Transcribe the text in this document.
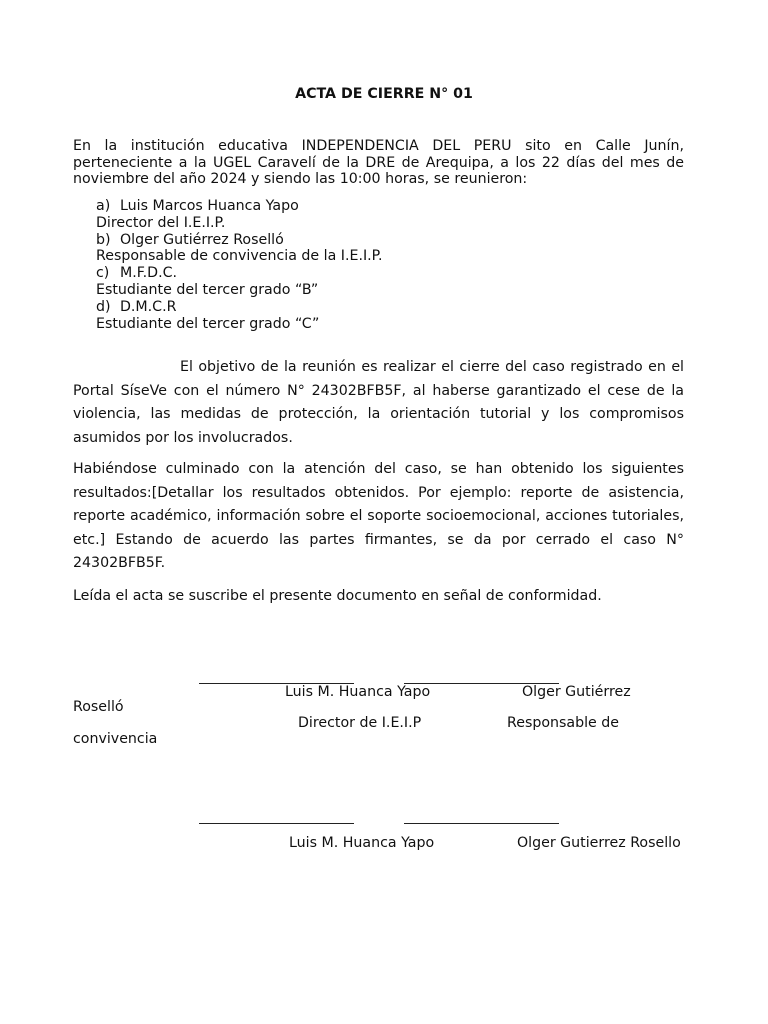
ACTA DE CIERRE N° 01
En la institución educativa INDEPENDENCIA DEL PERU sito en Calle Junín,
perteneciente a la UGEL Caravelí de la DRE de Arequipa, a los 22 días del mes de
noviembre del año 2024 y siendo las 10:00 horas, se reunieron:
a) Luis Marcos Huanca Yapo
Director del I.E.I.P.
b) Olger Gutiérrez Roselló
Responsable de convivencia de la I.E.I.P.
c) M.F.D.C.
Estudiante del tercer grado “B”
d) D.M.C.R
Estudiante del tercer grado “C”
El objetivo de la reunión es realizar el cierre del caso registrado en el
Portal SíseVe con el número N° 24302BFB5F, al haberse garantizado el cese de la
violencia, las medidas de protección, la orientación tutorial y los compromisos
asumidos por los involucrados.
Habiéndose culminado con la atención del caso, se han obtenido los siguientes
resultados:[Detallar los resultados obtenidos. Por ejemplo: reporte de asistencia,
reporte académico, información sobre el soporte socioemocional, acciones tutoriales,
etc.] Estando de acuerdo las partes firmantes, se da por cerrado el caso N°
24302BFB5F.
Leída el acta se suscribe el presente documento en señal de conformidad.
Luis M. Huanca Yapo	Olger Gutiérrez
Roselló
Director de I.E.I.P	Responsable de
convivencia
Luis M. Huanca Yapo	Olger Gutierrez Rosello
